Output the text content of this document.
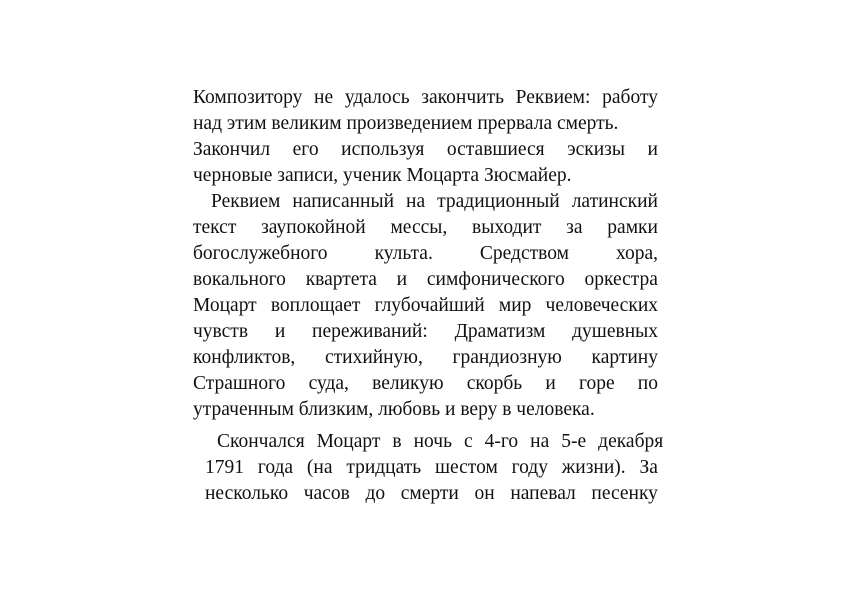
Композитору не удалось закончить Реквием: работу
над этим великим произведением прервала смерть.
Закончил его используя оставшиеся эскизы и
черновые записи, ученик Моцарта Зюсмайер.
Реквием написанный на традиционный латинский
текст заупокойной мессы, выходит за рамки
богослужебного культа. Средством хора,
вокального квартета и симфонического оркестра
Моцарт воплощает глубочайший мир человеческих
чувств и переживаний: Драматизм душевных
конфликтов, стихийную, грандиозную картину
Страшного суда, великую скорбь и горе по
утраченным близким, любовь и веру в человека.
Скончался Моцарт в ночь с 4-го на 5-е декабря
1791 года (на тридцать шестом году жизни). За
несколько часов до смерти он напевал песенку
